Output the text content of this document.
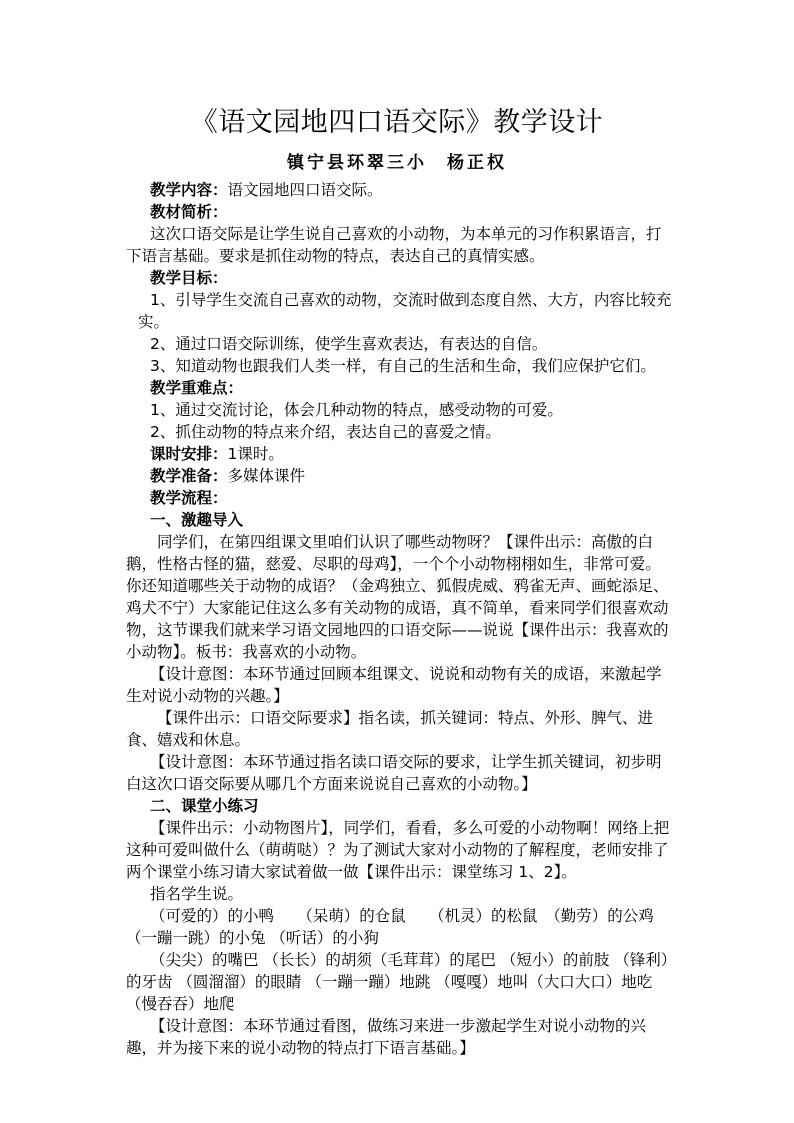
《语文园地四口语交际》教学设计
镇宁县环翠三小　杨正权

教学内容：语文园地四口语交际。

教材简析：

这次口语交际是让学生说自己喜欢的小动物，为本单元的习作积累语言，打下语言基础。要求是抓住动物的特点，表达自己的真情实感。

教学目标：

1、引导学生交流自己喜欢的动物，交流时做到态度自然、大方，内容比较充实。

2、通过口语交际训练，使学生喜欢表达，有表达的自信。

3、知道动物也跟我们人类一样，有自己的生活和生命，我们应保护它们。

教学重难点：

1、通过交流讨论，体会几种动物的特点，感受动物的可爱。

2、抓住动物的特点来介绍，表达自己的喜爱之情。

课时安排：1课时。

教学准备：多媒体课件

教学流程：

一、激趣导入

同学们，在第四组课文里咱们认识了哪些动物呀？【课件出示：高傲的白鹅，性格古怪的猫，慈爱、尽职的母鸡】，一个个小动物栩栩如生，非常可爱。你还知道哪些关于动物的成语？（金鸡独立、狐假虎威、鸦雀无声、画蛇添足、鸡犬不宁）大家能记住这么多有关动物的成语，真不简单，看来同学们很喜欢动物，这节课我们就来学习语文园地四的口语交际——说说【课件出示：我喜欢的小动物】。板书：我喜欢的小动物。

【设计意图：本环节通过回顾本组课文、说说和动物有关的成语，来激起学生对说小动物的兴趣。】

【课件出示：口语交际要求】指名读，抓关键词：特点、外形、脾气、进食、嬉戏和休息。

【设计意图：本环节通过指名读口语交际的要求，让学生抓关键词，初步明白这次口语交际要从哪几个方面来说说自己喜欢的小动物。】

二、课堂小练习

【课件出示：小动物图片】，同学们，看看，多么可爱的小动物啊！网络上把这种可爱叫做什么（萌萌哒）？为了测试大家对小动物的了解程度，老师安排了两个课堂小练习请大家试着做一做【课件出示：课堂练习 1、2】。

指名学生说。

（可爱的）的小鸭　　（呆萌）的仓鼠　　（机灵）的松鼠　（勤劳）的公鸡（一蹦一跳）的小兔 （听话）的小狗

（尖尖）的嘴巴 （长长）的胡须（毛茸茸）的尾巴 （短小）的前肢 （锋利）的牙齿 （圆溜溜）的眼睛 （一蹦一蹦）地跳 （嘎嘎）地叫（大口大口）地吃　　　（慢吞吞）地爬

【设计意图：本环节通过看图，做练习来进一步激起学生对说小动物的兴趣，并为接下来的说小动物的特点打下语言基础。】
